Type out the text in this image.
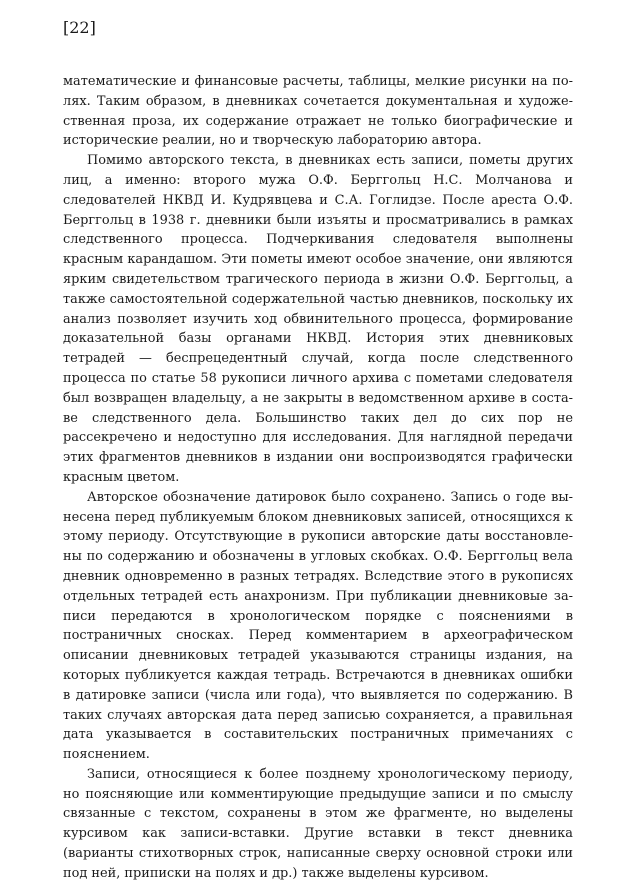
[22]

математические и финансовые расчеты, таблицы, мелкие рисунки на полях. Таким образом, в дневниках сочетается документальная и художественная проза, их содержание отражает не только биографические и исторические реалии, но и творческую лабораторию автора.

Помимо авторского текста, в дневниках есть записи, пометы других лиц, а именно: второго мужа О.Ф. Берггольц Н.С. Молчанова и следователей НКВД И. Кудрявцева и С.А. Гоглидзе. После ареста О.Ф. Берггольц в 1938 г. дневники были изъяты и просматривались в рамках следственного процесса. Подчеркивания следователя выполнены красным карандашом. Эти пометы имеют особое значение, они являются ярким свидетельством трагического периода в жизни О.Ф. Берггольц, а также самостоятельной содержательной частью дневников, поскольку их анализ позволяет изучить ход обвинительного процесса, формирование доказательной базы органами НКВД. История этих дневниковых тетрадей — беспрецедентный случай, когда после следственного процесса по статье 58 рукописи личного архива с пометами следователя был возвращен владельцу, а не закрыты в ведомственном архиве в составе следственного дела. Большинство таких дел до сих пор не рассекречено и недоступно для исследования. Для наглядной передачи этих фрагментов дневников в издании они воспроизводятся графически красным цветом.

Авторское обозначение датировок было сохранено. Запись о годе вынесена перед публикуемым блоком дневниковых записей, относящихся к этому периоду. Отсутствующие в рукописи авторские даты восстановлены по содержанию и обозначены в угловых скобках. О.Ф. Берггольц вела дневник одновременно в разных тетрадях. Вследствие этого в рукописях отдельных тетрадей есть анахронизм. При публикации дневниковые записи передаются в хронологическом порядке с пояснениями в постраничных сносках. Перед комментарием в археографическом описании дневниковых тетрадей указываются страницы издания, на которых публикуется каждая тетрадь. Встречаются в дневниках ошибки в датировке записи (числа или года), что выявляется по содержанию. В таких случаях авторская дата перед записью сохраняется, а правильная дата указывается в составительских постраничных примечаниях с пояснением.

Записи, относящиеся к более позднему хронологическому периоду, но поясняющие или комментирующие предыдущие записи и по смыслу связанные с текстом, сохранены в этом же фрагменте, но выделены курсивом как записи-вставки. Другие вставки в текст дневника (варианты стихотворных строк, написанные сверху основной строки или под ней, приписки на полях и др.) также выделены курсивом.
